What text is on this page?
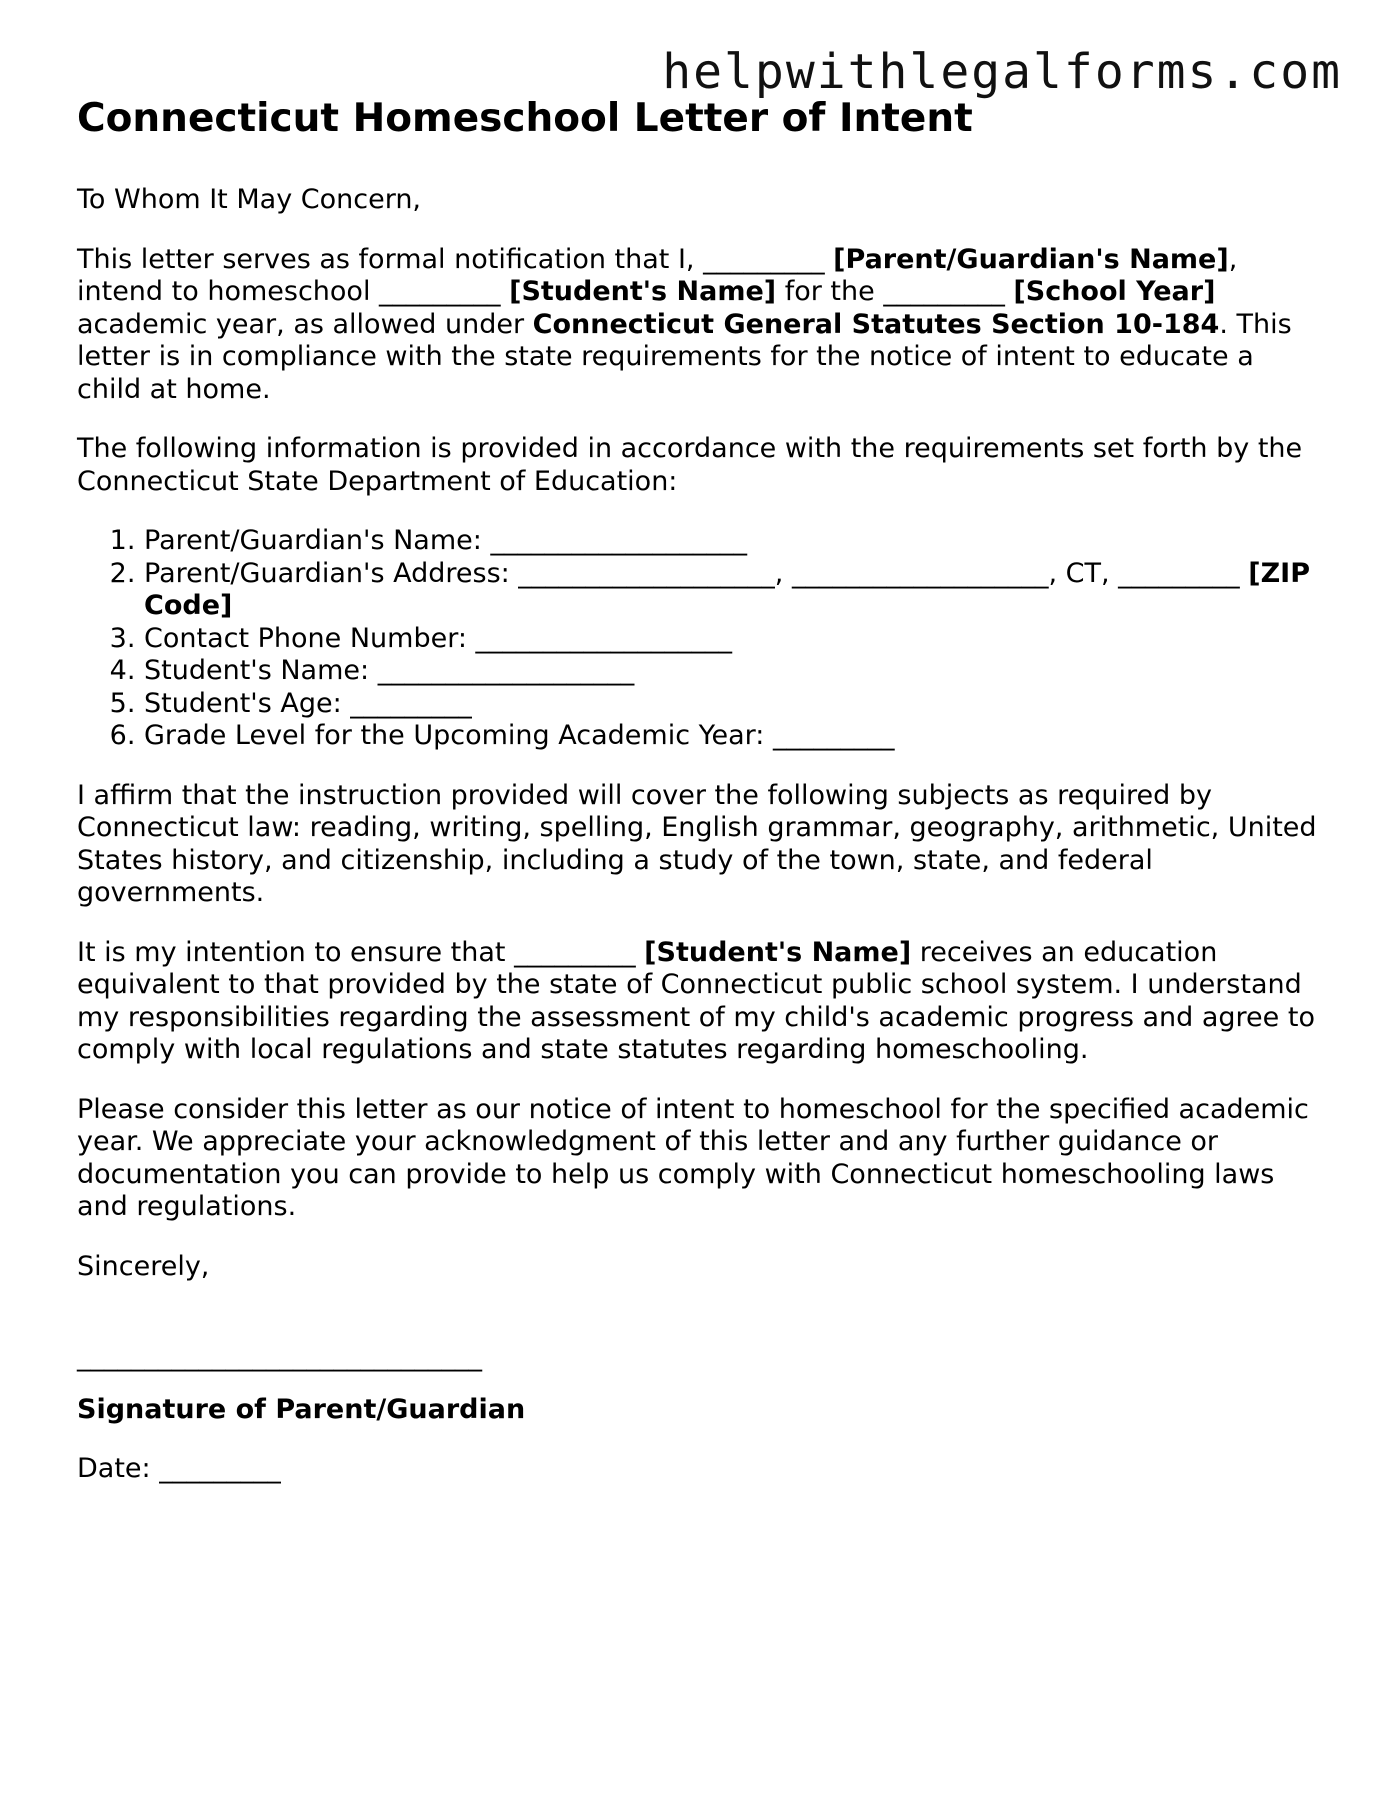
helpwithlegalforms.com
Connecticut Homeschool Letter of Intent

To Whom It May Concern,

This letter serves as formal notification that I, _________ [Parent/Guardian's Name], intend to homeschool _________ [Student's Name] for the _________ [School Year] academic year, as allowed under Connecticut General Statutes Section 10-184. This letter is in compliance with the state requirements for the notice of intent to educate a child at home.

The following information is provided in accordance with the requirements set forth by the Connecticut State Department of Education:

1. Parent/Guardian's Name: ___________________
2. Parent/Guardian's Address: ___________________, ___________________, CT, _________ [ZIP Code]
3. Contact Phone Number: ___________________
4. Student's Name: ___________________
5. Student's Age: _________
6. Grade Level for the Upcoming Academic Year: _________

I affirm that the instruction provided will cover the following subjects as required by Connecticut law: reading, writing, spelling, English grammar, geography, arithmetic, United States history, and citizenship, including a study of the town, state, and federal governments.

It is my intention to ensure that _________ [Student's Name] receives an education equivalent to that provided by the state of Connecticut public school system. I understand my responsibilities regarding the assessment of my child's academic progress and agree to comply with local regulations and state statutes regarding homeschooling.

Please consider this letter as our notice of intent to homeschool for the specified academic year. We appreciate your acknowledgment of this letter and any further guidance or documentation you can provide to help us comply with Connecticut homeschooling laws and regulations.

Sincerely,

______________________________

Signature of Parent/Guardian

Date: _________
